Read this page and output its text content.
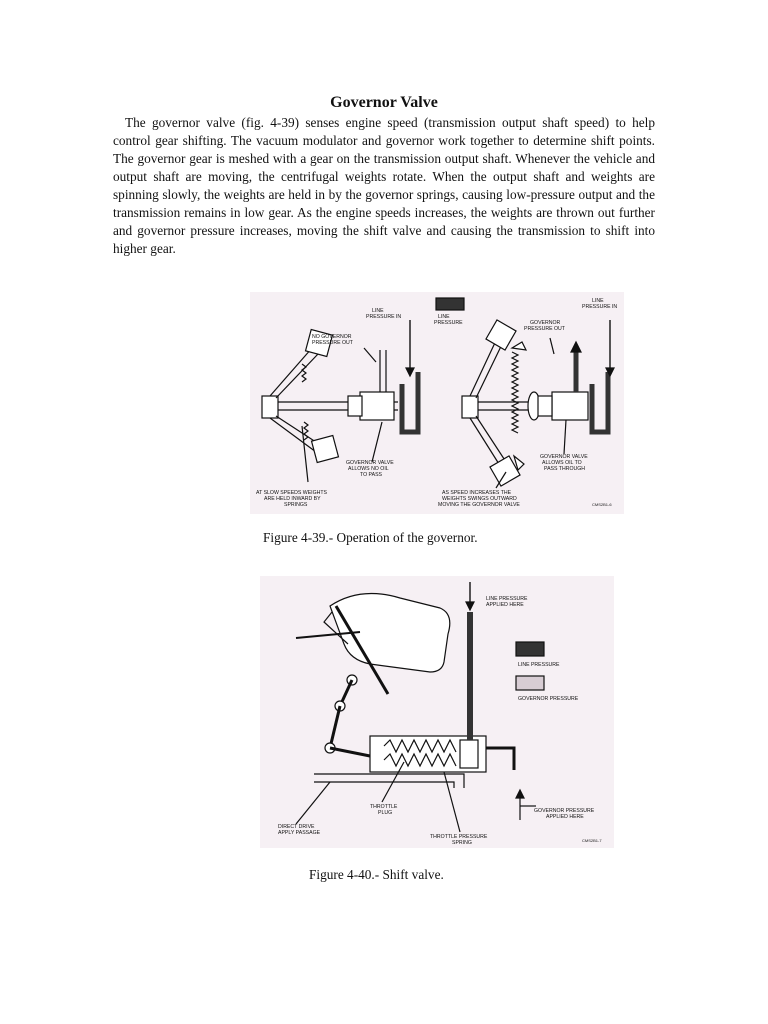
Governor Valve
The governor valve (fig. 4-39) senses engine speed (transmission output shaft speed) to help control gear shifting. The vacuum modulator and governor work together to determine shift points. The governor gear is meshed with a gear on the transmission output shaft. Whenever the vehicle and output shaft are moving, the centrifugal weights rotate. When the output shaft and weights are spinning slowly, the weights are held in by the governor springs, causing low-pressure output and the transmission remains in low gear. As the engine speeds increases, the weights are thrown out further and governor pressure increases, moving the shift valve and causing the transmission to shift into higher gear.
LINE
PRESSURE IN	LINE
PRESSURE
LINE
PRESSURE IN
NO GOVERNOR
PRESSURE OUT
GOVERNOR
PRESSURE OUT
GOVERNOR VALVE
ALLOWS NO OIL
TO PASS
GOVERNOR VALVE
ALLOWS OIL TO
PASS THROUGH
AT SLOW SPEEDS WEIGHTS
ARE HELD INWARD BY
SPRINGS
AS SPEED INCREASES THE
WEIGHTS SWINGS OUTWARD
MOVING THE GOVERNOR VALVE	CMS2B1-6
Figure 4-39.- Operation of the governor.
LINE PRESSURE
APPLIED HERE
LINE PRESSURE
GOVERNOR PRESSURE
GOVERNOR PRESSURE
APPLIED HERE
DIRECT DRIVE
APPLY PASSAGE
THROTTLE
PLUG
THROTTLE PRESSURE
SPRING	CMS2B1-7
Figure 4-40.- Shift valve.
